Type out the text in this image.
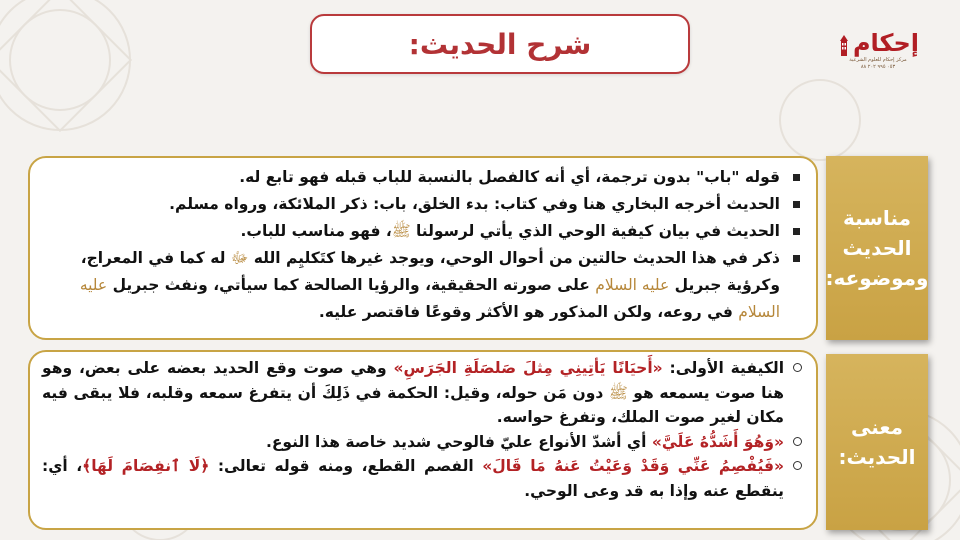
شرح الحديث:	إحكام
مركز إحكام للعلوم الشرعية
٠٥٣ ٩٩٥ ٢٠٢ ٨٨
مناسبة الحديث وموضوعه:
قوله "باب" بدون ترجمة، أي أنه كالفصل بالنسبة للباب قبله فهو تابع له.
الحديث أخرجه البخاري هنا وفي كتاب: بدء الخلق، باب: ذكر الملائكة، ورواه مسلم.
الحديث في بيان كيفية الوحي الذي يأتي لرسولنا ﷺ، فهو مناسب للباب.
ذكر في هذا الحديث حالتين من أحوال الوحي، ويوجد غيرها كتَكليِم الله ﷻ له كما في المعراج، وكرؤية جبريل عليه السلام على صورته الحقيقية، والرؤيا الصالحة كما سيأتي، ونفث جبريل عليه السلام في روعه، ولكن المذكور هو الأكثر وقوعًا فاقتصر عليه.
معنى الحديث:
الكيفية الأولى: «أَحيَانًا يَأتِينِي مِثلَ صَلصَلَةِ الجَرَسِ» وهي صوت وقع الحديد بعضه على بعض، وهو هنا صوت يسمعه هو ﷺ دون مَن حوله، وقيل: الحكمة في ذَلِكَ أن يتفرغ سمعه وقلبه، فلا يبقى فيه مكان لغير صوت الملك، وتفرغ حواسه.
«وَهُوَ أَشَدُّهُ عَلَيَّ» أي أشدّ الأنواع عليّ فالوحي شديد خاصة هذا النوع.
«فَيُفْصِمُ عَنِّي وَقَدْ وَعَيْتُ عَنهُ مَا قَالَ» الفصم القطع، ومنه قوله تعالى: ﴿لَا ٱنفِصَامَ لَهَا﴾، أي: ينقطع عنه وإذا به قد وعى الوحي.
